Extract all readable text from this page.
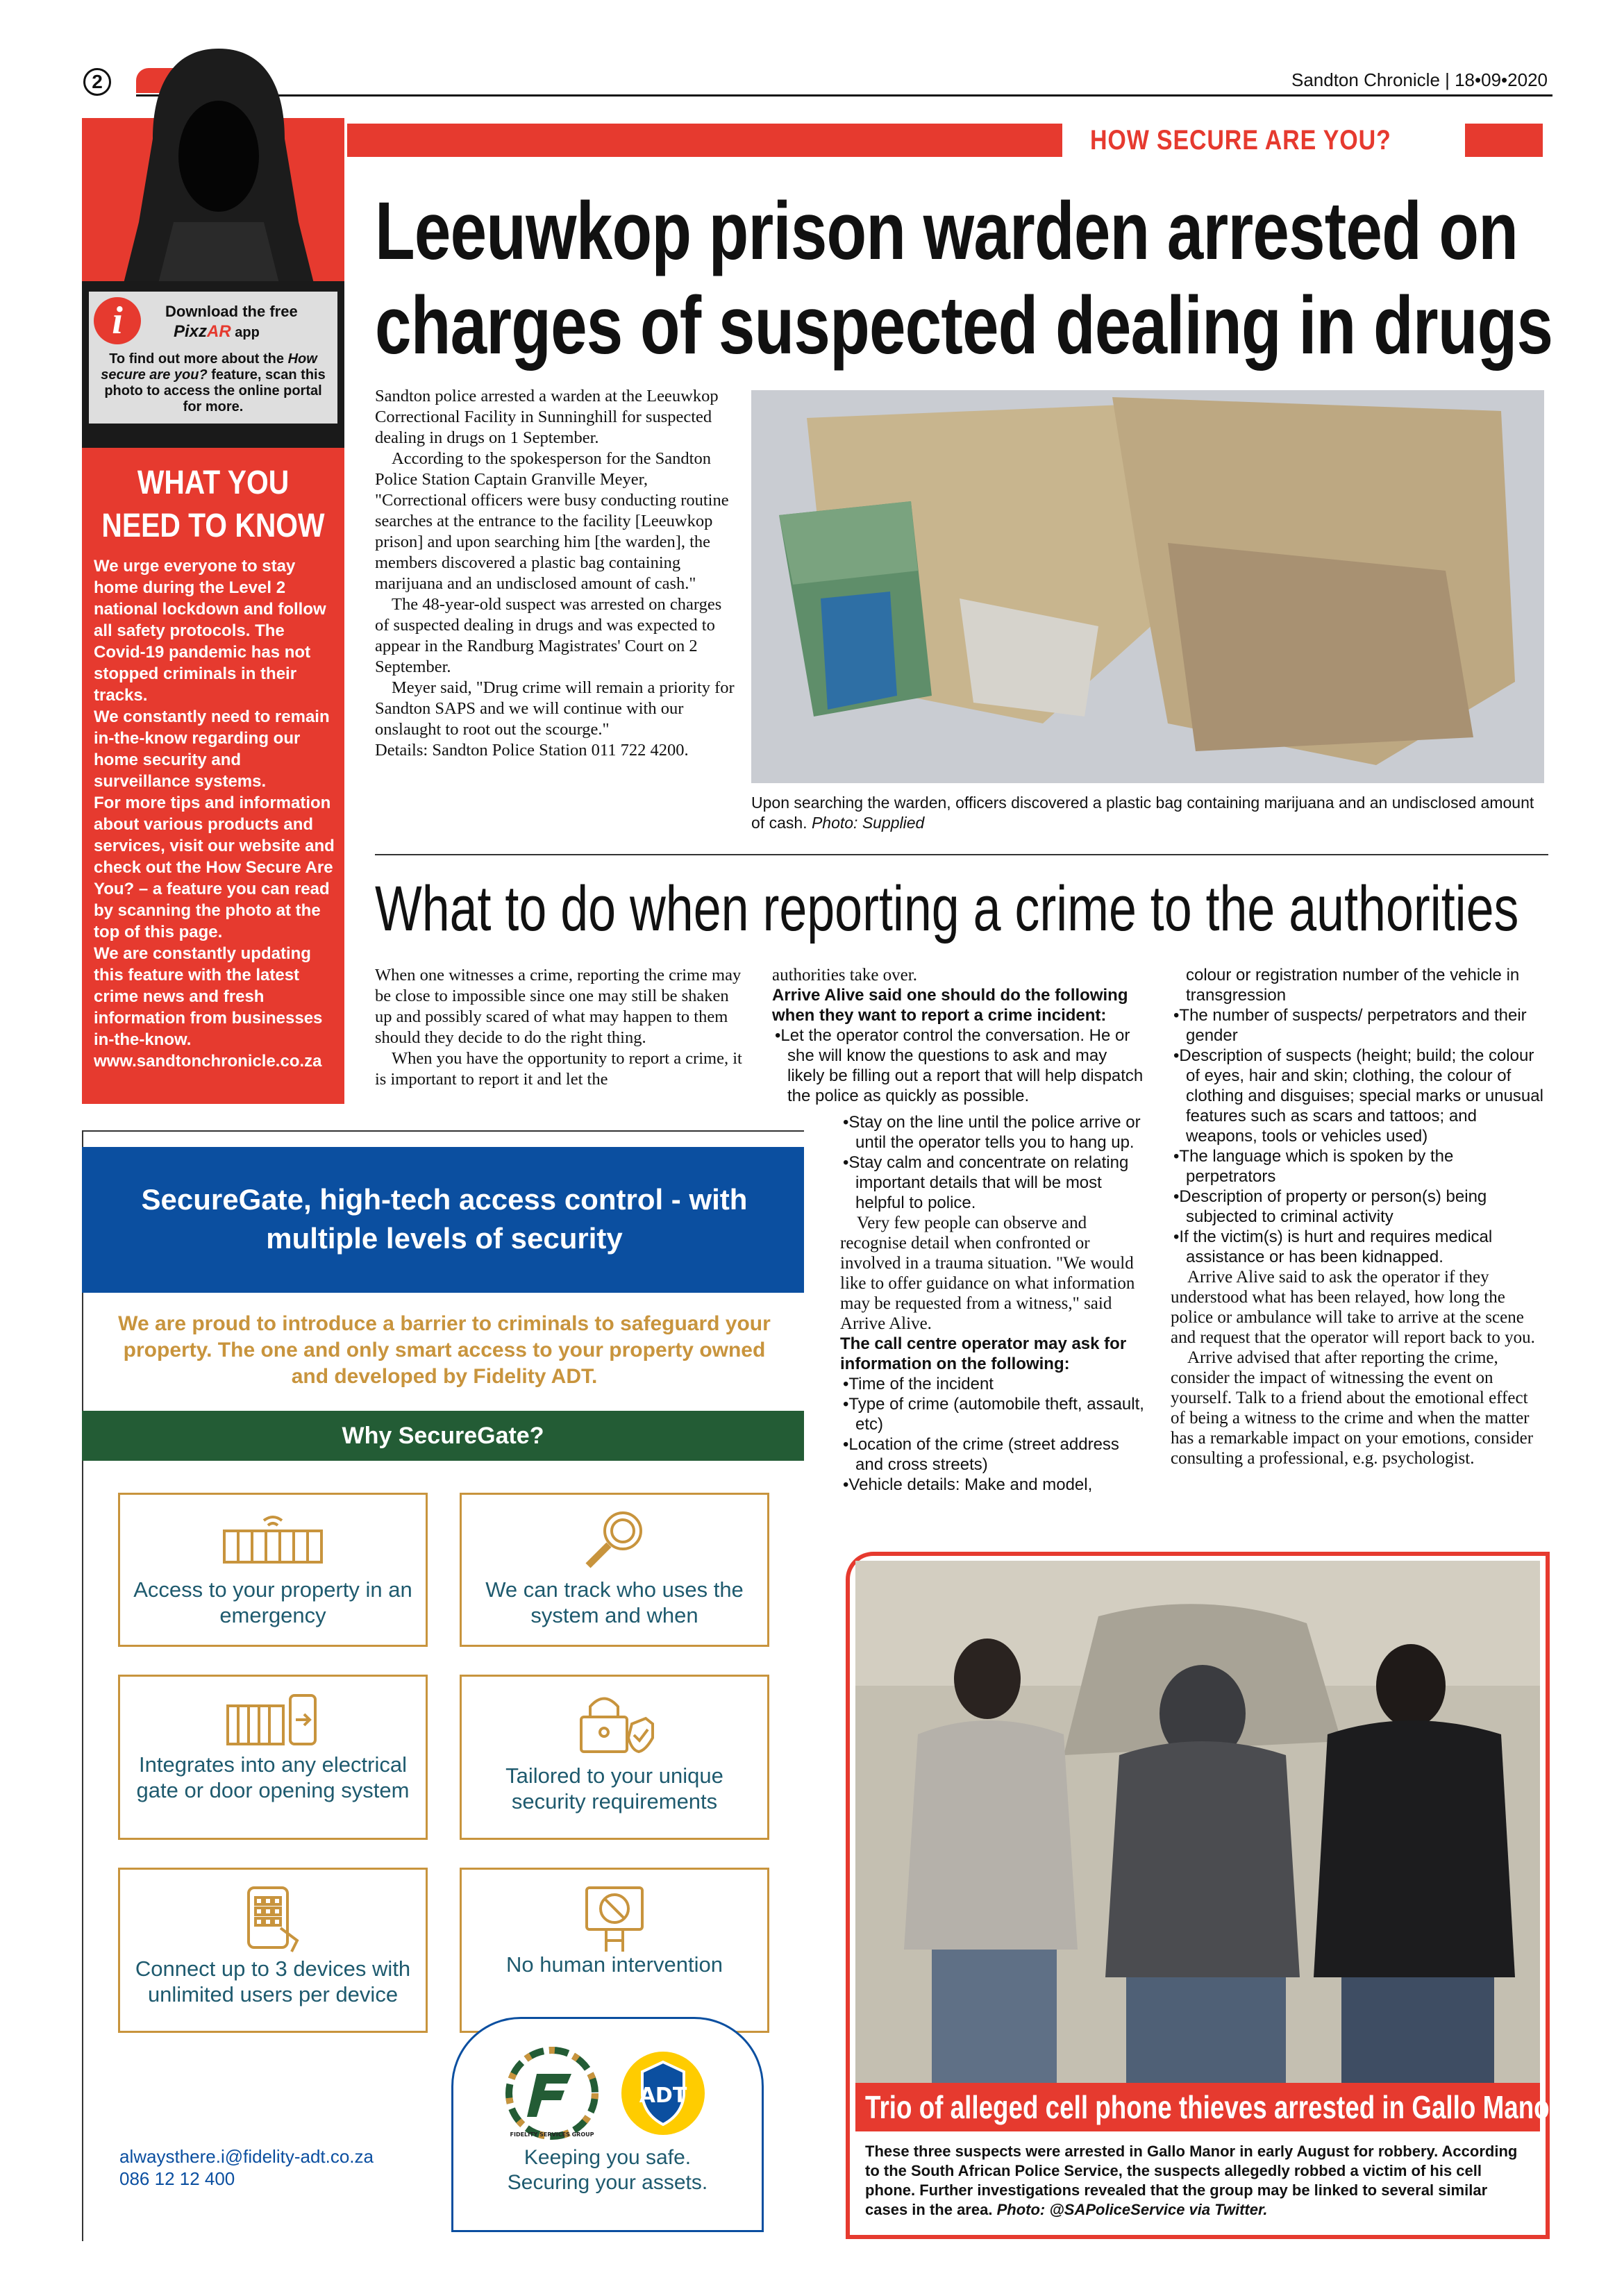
2	Sandton Chronicle | 18•09•2020
HOW SECURE ARE YOU?
i	Download the free
PixzAR app
To find out more about the How secure are you? feature, scan this photo to access the online portal for more.
WHAT YOU NEED TO KNOW

We urge everyone to stay home during the Level 2 national lockdown and follow all safety protocols. The Covid-19 pandemic has not stopped criminals in their tracks.

We constantly need to remain in-the-know regarding our home security and surveillance systems.

For more tips and information about various products and services, visit our website and check out the How Secure Are You? – a feature you can read by scanning the photo at the top of this page.

We are constantly updating this feature with the latest crime news and fresh information from businesses in-the-know.

www.sandtonchronicle.co.za

Leeuwkop prison warden arrested on charges of suspected dealing in drugs

Sandton police arrested a warden at the Leeuwkop Correctional Facility in Sunninghill for suspected dealing in drugs on 1 September.

According to the spokesperson for the Sandton Police Station Captain Granville Meyer, "Correctional officers were busy conducting routine searches at the entrance to the facility [Leeuwkop prison] and upon searching him [the warden], the members discovered a plastic bag containing marijuana and an undisclosed amount of cash."

The 48-year-old suspect was arrested on charges of suspected dealing in drugs and was expected to appear in the Randburg Magistrates' Court on 2 September.

Meyer said, "Drug crime will remain a priority for Sandton SAPS and we will continue with our onslaught to root out the scourge."

Details: Sandton Police Station 011 722 4200.

Upon searching the warden, officers discovered a plastic bag containing marijuana and an undisclosed amount of cash. Photo: Supplied
What to do when reporting a crime to the authorities

When one witnesses a crime, reporting the crime may be close to impossible since one may still be shaken up and possibly scared of what may happen to them should they decide to do the right thing.

When you have the opportunity to report a crime, it is important to report it and let the

authorities take over.

Arrive Alive said one should do the following when they want to report a crime incident:

• Let the operator control the conversation. He or she will know the questions to ask and may likely be filling out a report that will help dispatch the police as quickly as possible.
• Stay on the line until the police arrive or until the operator tells you to hang up.
• Stay calm and concentrate on relating important details that will be most helpful to police.

Very few people can observe and recognise detail when confronted or involved in a trauma situation. "We would like to offer guidance on what information may be requested from a witness," said Arrive Alive.

The call centre operator may ask for information on the following:

• Time of the incident
• Type of crime (automobile theft, assault, etc)
• Location of the crime (street address and cross streets)
• Vehicle details: Make and model,

colour or registration number of the vehicle in transgression

• The number of suspects/ perpetrators and their gender
• Description of suspects (height; build; the colour of eyes, hair and skin; clothing, the colour of clothing and disguises; special marks or unusual features such as scars and tattoos; and weapons, tools or vehicles used)
• The language which is spoken by the perpetrators
• Description of property or person(s) being subjected to criminal activity
• If the victim(s) is hurt and requires medical assistance or has been kidnapped.

Arrive Alive said to ask the operator if they understood what has been relayed, how long the police or ambulance will take to arrive at the scene and request that the operator will report back to you.

Arrive advised that after reporting the crime, consider the impact of witnessing the event on yourself. Talk to a friend about the emotional effect of being a witness to the crime and when the matter has a remarkable impact on your emotions, consider consulting a professional, e.g. psychologist.

SecureGate, high-tech access control - with multiple levels of security
We are proud to introduce a barrier to criminals to safeguard your property. The one and only smart access to your property owned and developed by Fidelity ADT.
Why SecureGate?
Access to your property in an emergency
We can track who uses the system and when
Integrates into any electrical gate or door opening system
Tailored to your unique security requirements
Connect up to 3 devices with unlimited users per device
No human intervention
FIDELITY SERVICES GROUP
ADT
Keeping you safe.
Securing your assets.
alwaysthere.i@fidelity-adt.co.za
086 12 12 400
Trio of alleged cell phone thieves arrested in Gallo Manor
These three suspects were arrested in Gallo Manor in early August for robbery. According to the South African Police Service, the suspects allegedly robbed a victim of his cell phone. Further investigations revealed that the group may be linked to several similar cases in the area. Photo: @SAPoliceService via Twitter.
